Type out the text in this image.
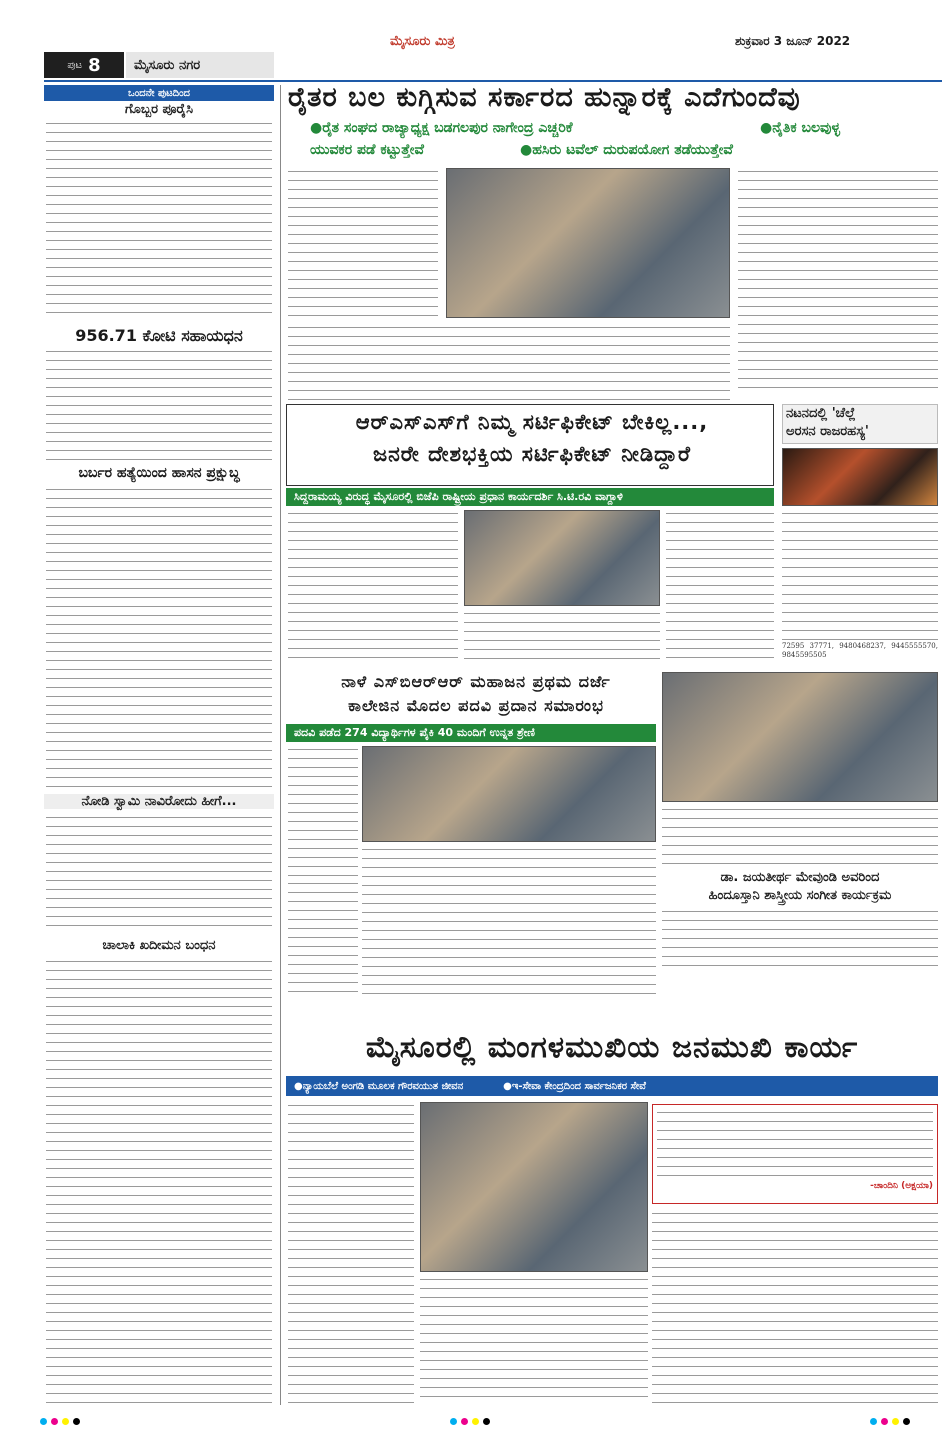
ಪುಟ 8	ಮೈಸೂರು ನಗರ
ಮೈಸೂರು ಮಿತ್ರ	ಶುಕ್ರವಾರ 3 ಜೂನ್ 2022
ಒಂದನೇ ಪುಟದಿಂದ
ಗೊಬ್ಬರ ಪೂರೈಸಿ
956.71 ಕೋಟಿ ಸಹಾಯಧನ
ಬರ್ಬರ ಹತ್ಯೆಯಿಂದ ಹಾಸನ ಪ್ರಕ್ಷುಬ್ಧ
ನೋಡಿ ಸ್ವಾಮಿ ನಾವಿರೋದು ಹೀಗೆ...
ಚಾಲಾಕಿ ಖದೀಮನ ಬಂಧನ
ರೈತರ ಬಲ ಕುಗ್ಗಿಸುವ ಸರ್ಕಾರದ ಹುನ್ನಾರಕ್ಕೆ ಎದೆಗುಂದೆವು
●ರೈತ ಸಂಘದ ರಾಜ್ಯಾಧ್ಯಕ್ಷ ಬಡಗಲಪುರ ನಾಗೇಂದ್ರ ಎಚ್ಚರಿಕೆ	●ನೈತಿಕ ಬಲವುಳ್ಳ
ಯುವಕರ ಪಡೆ ಕಟ್ಟುತ್ತೇವೆ	●ಹಸಿರು ಟವೆಲ್ ದುರುಪಯೋಗ ತಡೆಯುತ್ತೇವೆ
ಆರ್‌ಎಸ್‌ಎಸ್‌ಗೆ ನಿಮ್ಮ ಸರ್ಟಿಫಿಕೇಟ್ ಬೇಕಿಲ್ಲ...,
ಜನರೇ ದೇಶಭಕ್ತಿಯ ಸರ್ಟಿಫಿಕೇಟ್ ನೀಡಿದ್ದಾರೆ
ಸಿದ್ದರಾಮಯ್ಯ ವಿರುದ್ಧ ಮೈಸೂರಲ್ಲಿ ಬಿಜೆಪಿ ರಾಷ್ಟ್ರೀಯ ಪ್ರಧಾನ ಕಾರ್ಯದರ್ಶಿ ಸಿ.ಟಿ.ರವಿ ವಾಗ್ದಾಳಿ
ನಟನದಲ್ಲಿ 'ಚೆಲ್ಲೆ
ಅರಸನ ರಾಜರಹಸ್ಯ'
72595 37771, 9480468237, 9445555570, 9845595505
ನಾಳೆ ಎಸ್‌ಬಿಆರ್‌ಆರ್ ಮಹಾಜನ ಪ್ರಥಮ ದರ್ಜೆ
ಕಾಲೇಜಿನ ಮೊದಲ ಪದವಿ ಪ್ರದಾನ ಸಮಾರಂಭ
ಪದವಿ ಪಡೆದ 274 ವಿದ್ಯಾರ್ಥಿಗಳ ಪೈಕಿ 40 ಮಂದಿಗೆ ಉನ್ನತ ಶ್ರೇಣಿ
ಡಾ. ಜಯತೀರ್ಥ ಮೇವುಂಡಿ ಅವರಿಂದ
ಹಿಂದೂಸ್ತಾನಿ ಶಾಸ್ತ್ರೀಯ ಸಂಗೀತ ಕಾರ್ಯಕ್ರಮ
ಮೈಸೂರಲ್ಲಿ ಮಂಗಳಮುಖಿಯ ಜನಮುಖಿ ಕಾರ್ಯ
●ನ್ಯಾಯಬೆಲೆ ಅಂಗಡಿ ಮೂಲಕ ಗೌರವಯುತ ಜೀವನ	●ಇ-ಸೇವಾ ಕೇಂದ್ರದಿಂದ ಸಾರ್ವಜನಿಕರ ಸೇವೆ
-ಚಾಂದಿನಿ (ಅಕ್ಷಯಾ)
